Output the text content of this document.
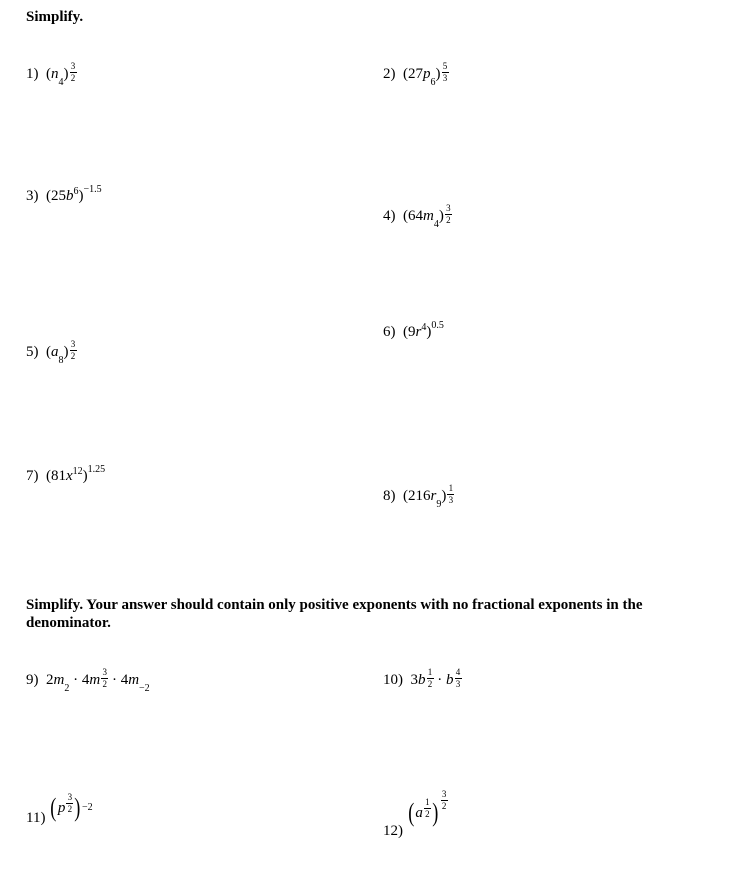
Simplify.
1)  ( n
4
) $\frac{3}{2}$	2)  ( 27 p
6
) $\frac{5}{3}$
3)  $(25b^6)^{-1.5}$
4)  ( 64 m
4
) $\frac{3}{2}$
5)  ( a
8
) $\frac{3}{2}$
6)  $(9r^4)^{0.5}$
7)  $(81x^{12})^{1.25}$
8)  ( 216 r
9
) $\frac{1}{3}$
Simplify. Your answer should contain only positive exponents with no fractional exponents in the denominator.
9) 2 m
2

·
4 m $\frac{3}{2}$
·
4 m
−2
10) 3 b $\frac{1}{2}$
·
b $\frac{4}{3}$
11) ( p $\frac{3}{2}$ ) −2
12)
( a $\frac{1}{2}$ ) $\frac{3}{2}$
